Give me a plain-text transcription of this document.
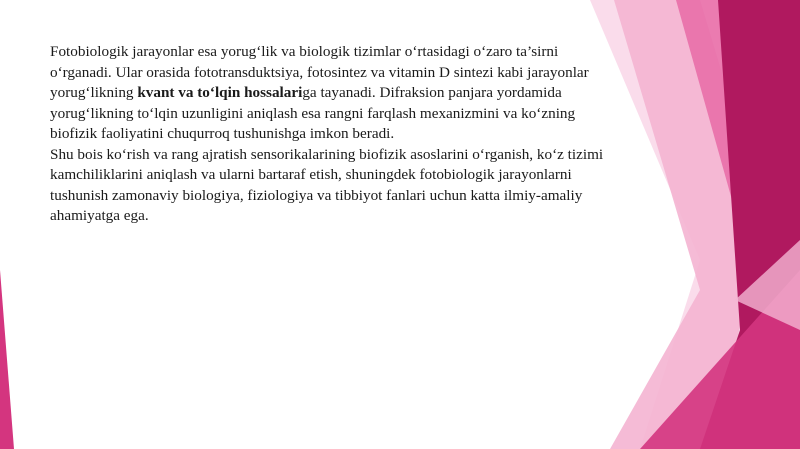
Fotobiologik jarayonlar esa yorug‘lik va biologik tizimlar o‘rtasidagi o‘zaro ta’sirni o‘rganadi. Ular orasida fototransduktsiya, fotosintez va vitamin D sintezi kabi jarayonlar yorug‘likning kvant va to‘lqin hossalariga tayanadi. Difraksion panjara yordamida yorug‘likning to‘lqin uzunligini aniqlash esa rangni farqlash mexanizmini va ko‘zning biofizik faoliyatini chuqurroq tushunishga imkon beradi.

Shu bois ko‘rish va rang ajratish sensorikalarining biofizik asoslarini o‘rganish, ko‘z tizimi kamchiliklarini aniqlash va ularni bartaraf etish, shuningdek fotobiologik jarayonlarni tushunish zamonaviy biologiya, fiziologiya va tibbiyot fanlari uchun katta ilmiy-amaliy ahamiyatga ega.
